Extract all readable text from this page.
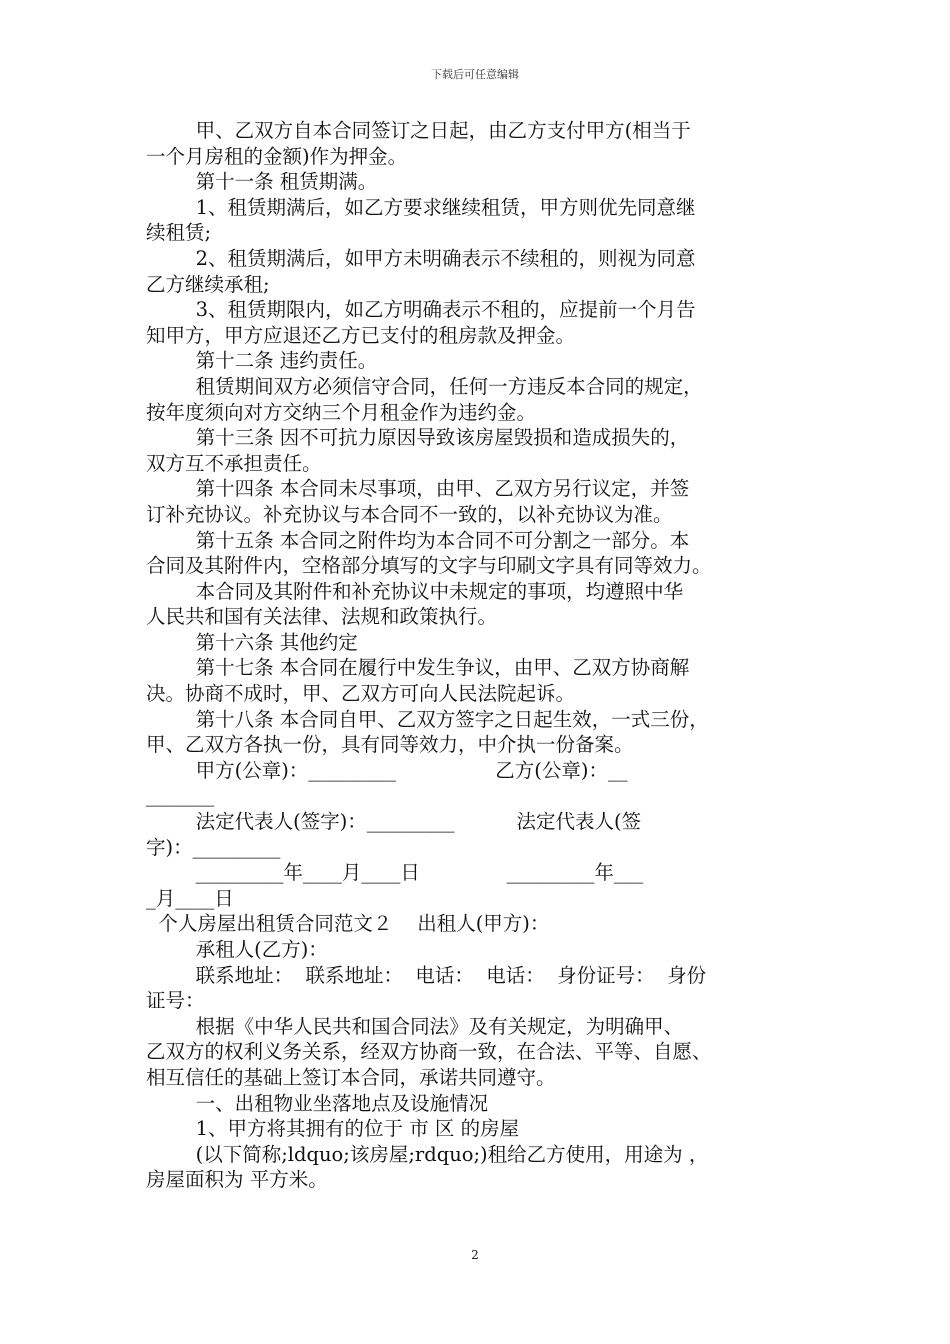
下载后可任意编辑
甲、乙双方自本合同签订之日起，由乙方支付甲方(相当于
一个月房租的金额)作为押金。
第十一条 租赁期满。
1、租赁期满后，如乙方要求继续租赁，甲方则优先同意继
续租赁;
2、租赁期满后，如甲方未明确表示不续租的，则视为同意
乙方继续承租;
3、租赁期限内，如乙方明确表示不租的，应提前一个月告
知甲方，甲方应退还乙方已支付的租房款及押金。
第十二条 违约责任。
租赁期间双方必须信守合同，任何一方违反本合同的规定，
按年度须向对方交纳三个月租金作为违约金。
第十三条 因不可抗力原因导致该房屋毁损和造成损失的，
双方互不承担责任。
第十四条 本合同未尽事项，由甲、乙双方另行议定，并签
订补充协议。补充协议与本合同不一致的，以补充协议为准。
第十五条 本合同之附件均为本合同不可分割之一部分。本
合同及其附件内，空格部分填写的文字与印刷文字具有同等效力。
本合同及其附件和补充协议中未规定的事项，均遵照中华
人民共和国有关法律、法规和政策执行。
第十六条 其他约定
第十七条 本合同在履行中发生争议，由甲、乙双方协商解
决。协商不成时，甲、乙双方可向人民法院起诉。
第十八条 本合同自甲、乙双方签字之日起生效，一式三份，
甲、乙双方各执一份，具有同等效力，中介执一份备案。
甲方(公章)：_________                乙方(公章)：__
_______
法定代表人(签字)：_________          法定代表人(签
字)：_________
_________年____月____日              _________年___
_月____日
个人房屋出租赁合同范文２    出租人(甲方)：
承租人(乙方)：
联系地址：  联系地址：  电话：  电话：  身份证号：  身份
证号：
根据《中华人民共和国合同法》及有关规定，为明确甲、
乙双方的权利义务关系，经双方协商一致，在合法、平等、自愿、
相互信任的基础上签订本合同，承诺共同遵守。
一、出租物业坐落地点及设施情况
1、甲方将其拥有的位于 市 区 的房屋
(以下简称;ldquo;该房屋;rdquo;)租给乙方使用，用途为 ，
房屋面积为 平方米。
2
